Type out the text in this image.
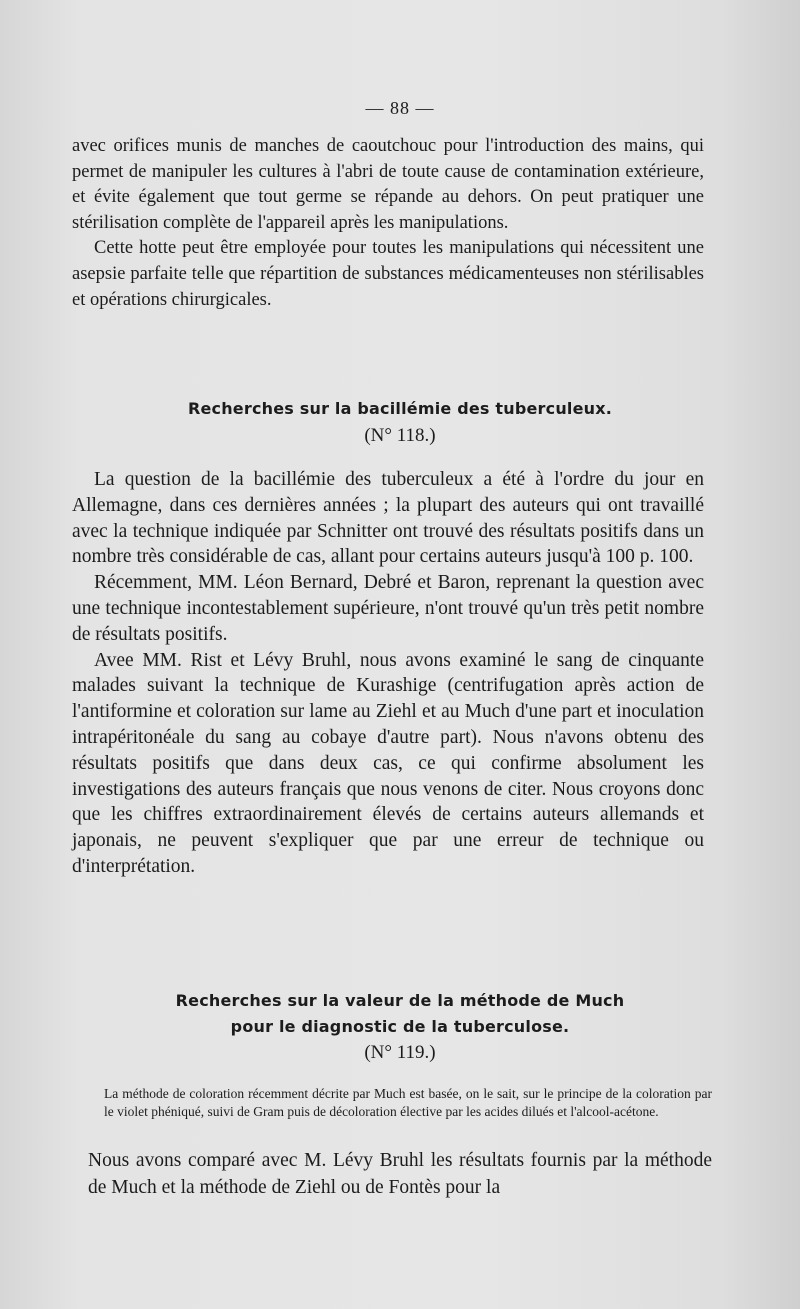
— 88 —

avec orifices munis de manches de caoutchouc pour l'introduction des mains, qui permet de manipuler les cultures à l'abri de toute cause de contamination extérieure, et évite également que tout germe se répande au dehors. On peut pratiquer une stérilisation complète de l'appareil après les manipulations.

Cette hotte peut être employée pour toutes les manipulations qui nécessitent une asepsie parfaite telle que répartition de substances médicamenteuses non stérilisables et opérations chirurgicales.

Recherches sur la bacillémie des tuberculeux.
(N° 118.)

La question de la bacillémie des tuberculeux a été à l'ordre du jour en Allemagne, dans ces dernières années ; la plupart des auteurs qui ont travaillé avec la technique indiquée par Schnitter ont trouvé des résultats positifs dans un nombre très considérable de cas, allant pour certains auteurs jusqu'à 100 p. 100.

Récemment, MM. Léon Bernard, Debré et Baron, reprenant la question avec une technique incontestablement supérieure, n'ont trouvé qu'un très petit nombre de résultats positifs.

Avee MM. Rist et Lévy Bruhl, nous avons examiné le sang de cinquante malades suivant la technique de Kurashige (centrifugation après action de l'antiformine et coloration sur lame au Ziehl et au Much d'une part et inoculation intrapéritonéale du sang au cobaye d'autre part). Nous n'avons obtenu des résultats positifs que dans deux cas, ce qui confirme absolument les investigations des auteurs français que nous venons de citer. Nous croyons donc que les chiffres extraordinairement élevés de certains auteurs allemands et japonais, ne peuvent s'expliquer que par une erreur de technique ou d'interprétation.

Recherches sur la valeur de la méthode de Much
pour le diagnostic de la tuberculose.
(N° 119.)

La méthode de coloration récemment décrite par Much est basée, on le sait, sur le principe de la coloration par le violet phéniqué, suivi de Gram puis de décoloration élective par les acides dilués et l'alcool-acétone.

Nous avons comparé avec M. Lévy Bruhl les résultats fournis par la méthode de Much et la méthode de Ziehl ou de Fontès pour la
